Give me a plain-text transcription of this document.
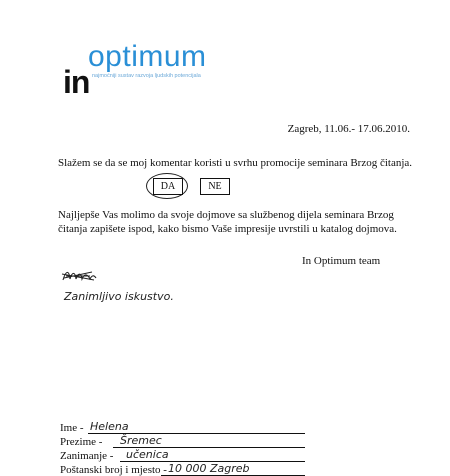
in
optimum
najmoćniji sustav razvoja ljudskih potencijala
Zagreb, 11.06.- 17.06.2010.
Slažem se da se moj komentar koristi u svrhu promocije seminara Brzog čitanja.
DA	NE
Najljepše Vas molimo da svoje dojmove sa službenog dijela seminara Brzog čitanja zapišete ispod, kako bismo Vaše impresije uvrstili u katalog dojmova.
In Optimum team
Zanimljivo iskustvo.
Ime - Helena
Prezime - Šremec
Zanimanje - učenica
Poštanski broj i mjesto - 10 000 Zagreb
